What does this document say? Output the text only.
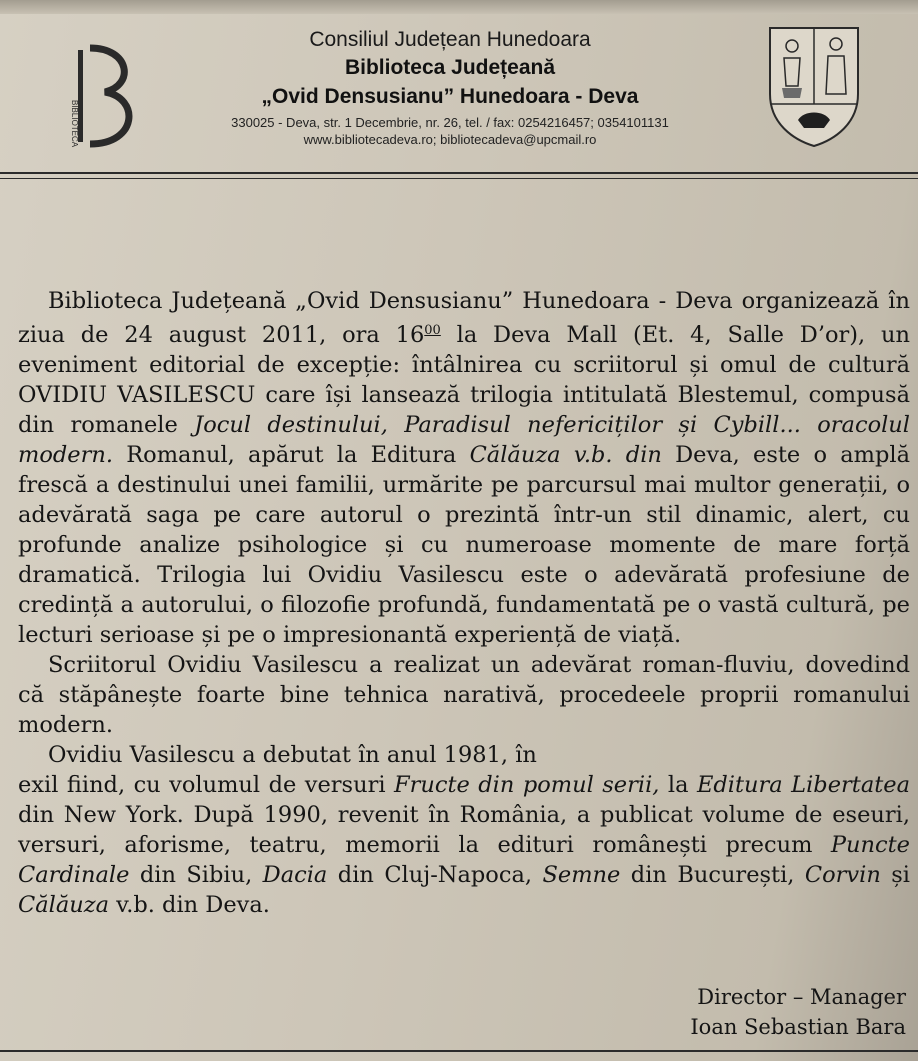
BIBLIOTECA
Consiliul Județean Hunedoara
Biblioteca Județeană
„Ovid Densusianu” Hunedoara - Deva
330025 - Deva, str. 1 Decembrie, nr. 26, tel. / fax: 0254216457; 0354101131
www.bibliotecadeva.ro; bibliotecadeva@upcmail.ro

Biblioteca Județeană „Ovid Densusianu” Hunedoara - Deva organizează în ziua de 24 august 2011, ora $16^{00}$ la Deva Mall (Et. 4, Salle D’or), un eveniment editorial de excepție: întâlnirea cu scriitorul și omul de cultură OVIDIU VASILESCU care își lansează trilogia intitulată Blestemul, compusă din romanele Jocul destinului, Paradisul nefericiților și Cybill... oracolul modern. Romanul, apărut la Editura Călăuza v.b. din Deva, este o amplă frescă a destinului unei familii, urmărite pe parcursul mai multor generații, o adevărată saga pe care autorul o prezintă într-un stil dinamic, alert, cu profunde analize psihologice și cu numeroase momente de mare forță dramatică. Trilogia lui Ovidiu Vasilescu este o adevărată profesiune de credință a autorului, o filozofie profundă, fundamentată pe o vastă cultură, pe lecturi serioase și pe o impresionantă experiență de viață.

Scriitorul Ovidiu Vasilescu a realizat un adevărat roman-fluviu, dovedind că stăpânește foarte bine tehnica narativă, procedeele proprii romanului modern.

Ovidiu Vasilescu a debutat în anul 1981, în

exil fiind, cu volumul de versuri Fructe din pomul serii, la Editura Libertatea din New York. După 1990, revenit în România, a publicat volume de eseuri, versuri, aforisme, teatru, memorii la edituri românești precum Puncte Cardinale din Sibiu, Dacia din Cluj-Napoca, Semne din București, Corvin și Călăuza v.b. din Deva.

Director – Manager
Ioan Sebastian Bara
